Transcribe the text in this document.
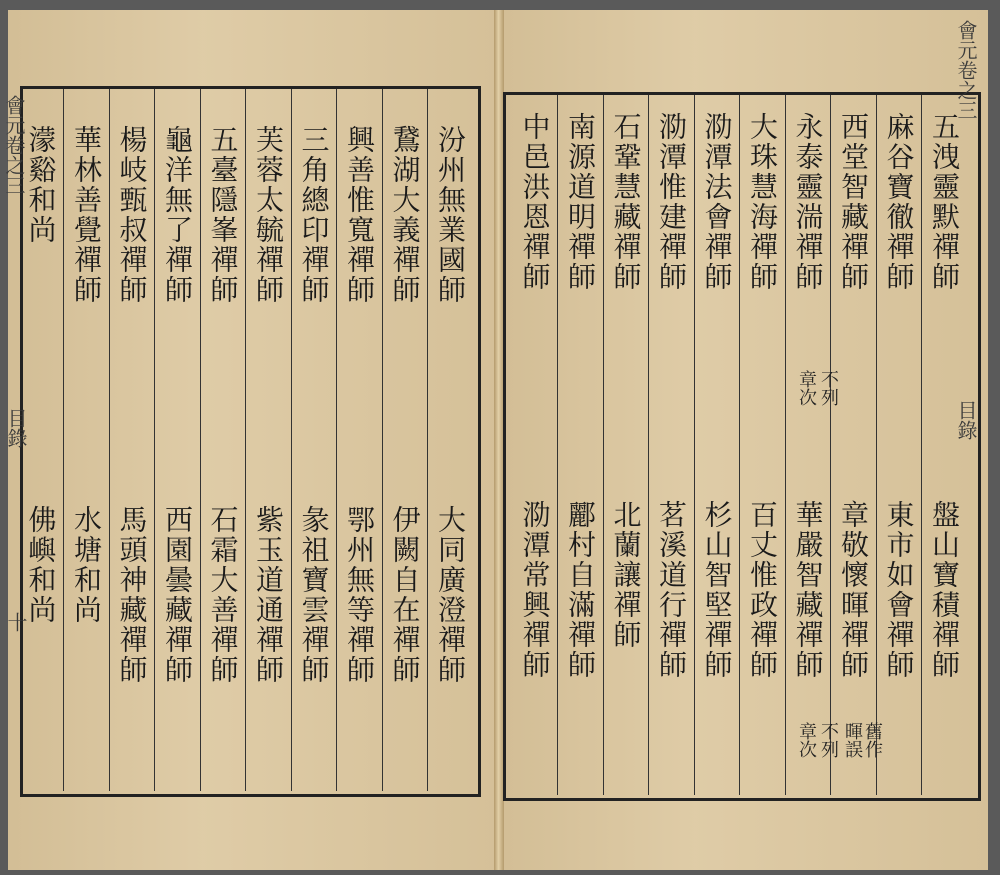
會元卷之三
目錄
十
會元卷之三
目錄
汾州無業國師
鵞湖大義禪師
興善惟寬禪師
三角總印禪師
芙蓉太毓禪師
五臺隱峯禪師
龜洋無了禪師
楊岐甄叔禪師
華林善覺禪師
濛谿和尚
大同廣澄禪師
伊闕自在禪師
鄂州無等禪師
彖祖寶雲禪師
紫玉道通禪師
石霜大善禪師
西園曇藏禪師
馬頭神藏禪師
水塘和尚
佛嶼和尚
五洩靈默禪師
麻谷寶徹禪師
西堂智藏禪師
永泰靈湍禪師
大珠慧海禪師
泐潭法會禪師
泐潭惟建禪師
石鞏慧藏禪師
南源道明禪師
中邑洪恩禪師
盤山寶積禪師
東市如會禪師
章敬懷暉禪師
華嚴智藏禪師
百丈惟政禪師
杉山智堅禪師
茗溪道行禪師
北蘭讓禪師
酈村自滿禪師
泐潭常興禪師
不列
章次
舊作
暉誤
不列
章次
